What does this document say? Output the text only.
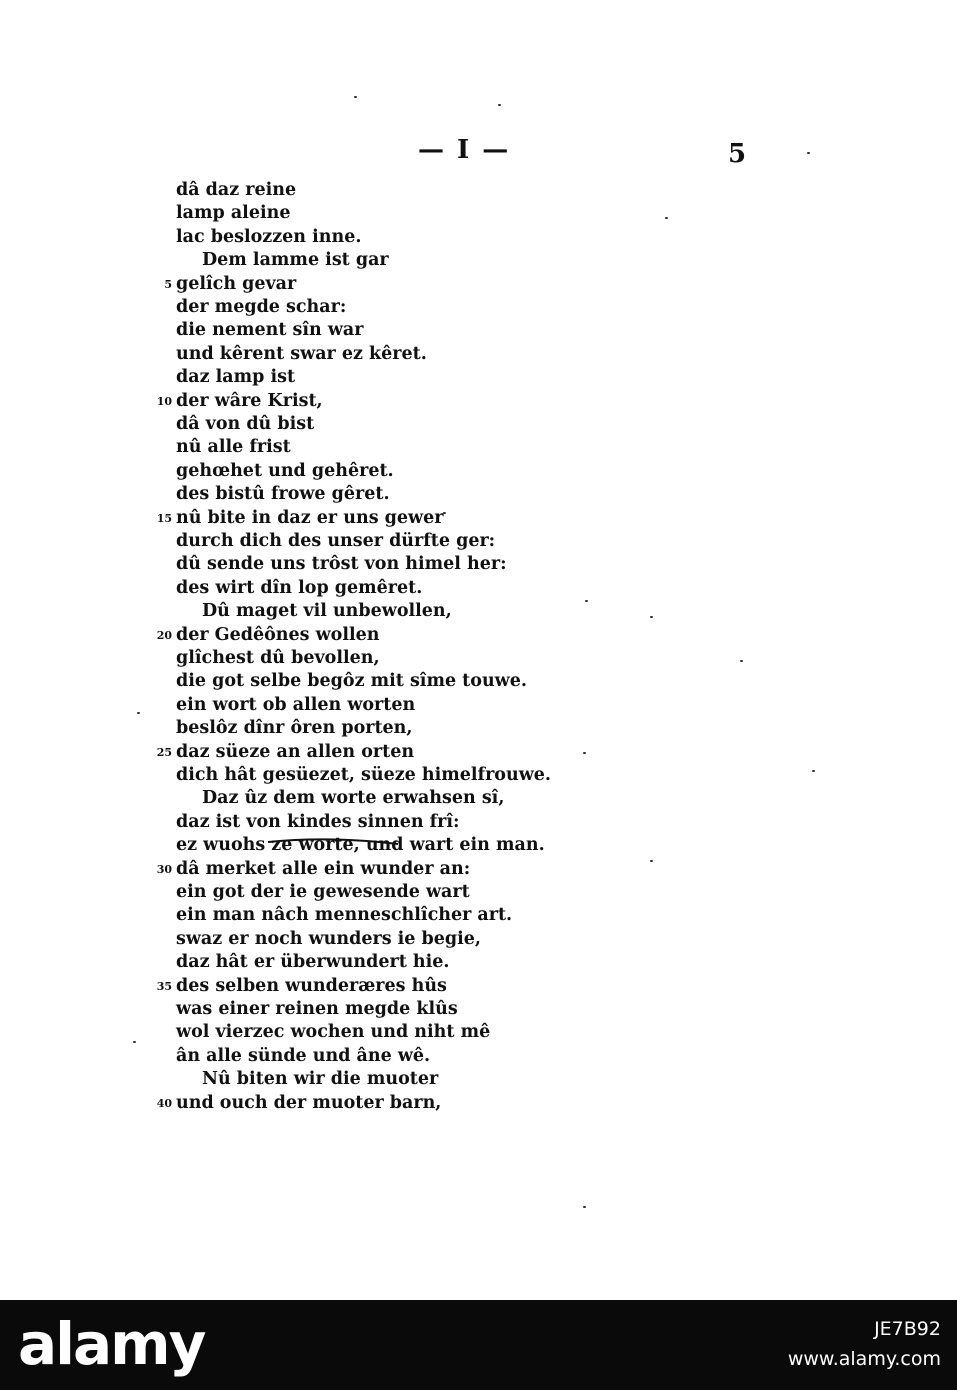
— I —	5
dâ daz reine
lamp aleine
lac beslozzen inne.
Dem lamme ist gar
5 gelîch gevar
der megde schar:
die nement sîn war
und kêrent swar ez kêret.
daz lamp ist
10 der wâre Krist,
dâ von dû bist
nû alle frist
gehœhet und gehêret.
des bistû frowe gêret.
15 nû bite in daz er uns gewer
durch dich des unser dürfte ger:
dû sende uns trôst von himel her:
des wirt dîn lop gemêret.
Dû maget vil unbewollen,
20 der Gedêônes wollen
glîchest dû bevollen,
die got selbe begôz mit sîme touwe.
ein wort ob allen worten
beslôz dînr ôren porten,
25 daz süeze an allen orten
dich hât gesüezet, süeze himelfrouwe.
Daz ûz dem worte erwahsen sî,
daz ist von kindes sinnen frî:
ez wuohs ze worte, und wart ein man.
30 dâ merket alle ein wunder an:
ein got der ie gewesende wart
ein man nâch menneschlîcher art.
swaz er noch wunders ie begie,
daz hât er überwundert hie.
35 des selben wunderæres hûs
was einer reinen megde klûs
wol vierzec wochen und niht mê
ân alle sünde und âne wê.
Nû biten wir die muoter
40 und ouch der muoter barn,
alamy	JE7B92
www.alamy.com
